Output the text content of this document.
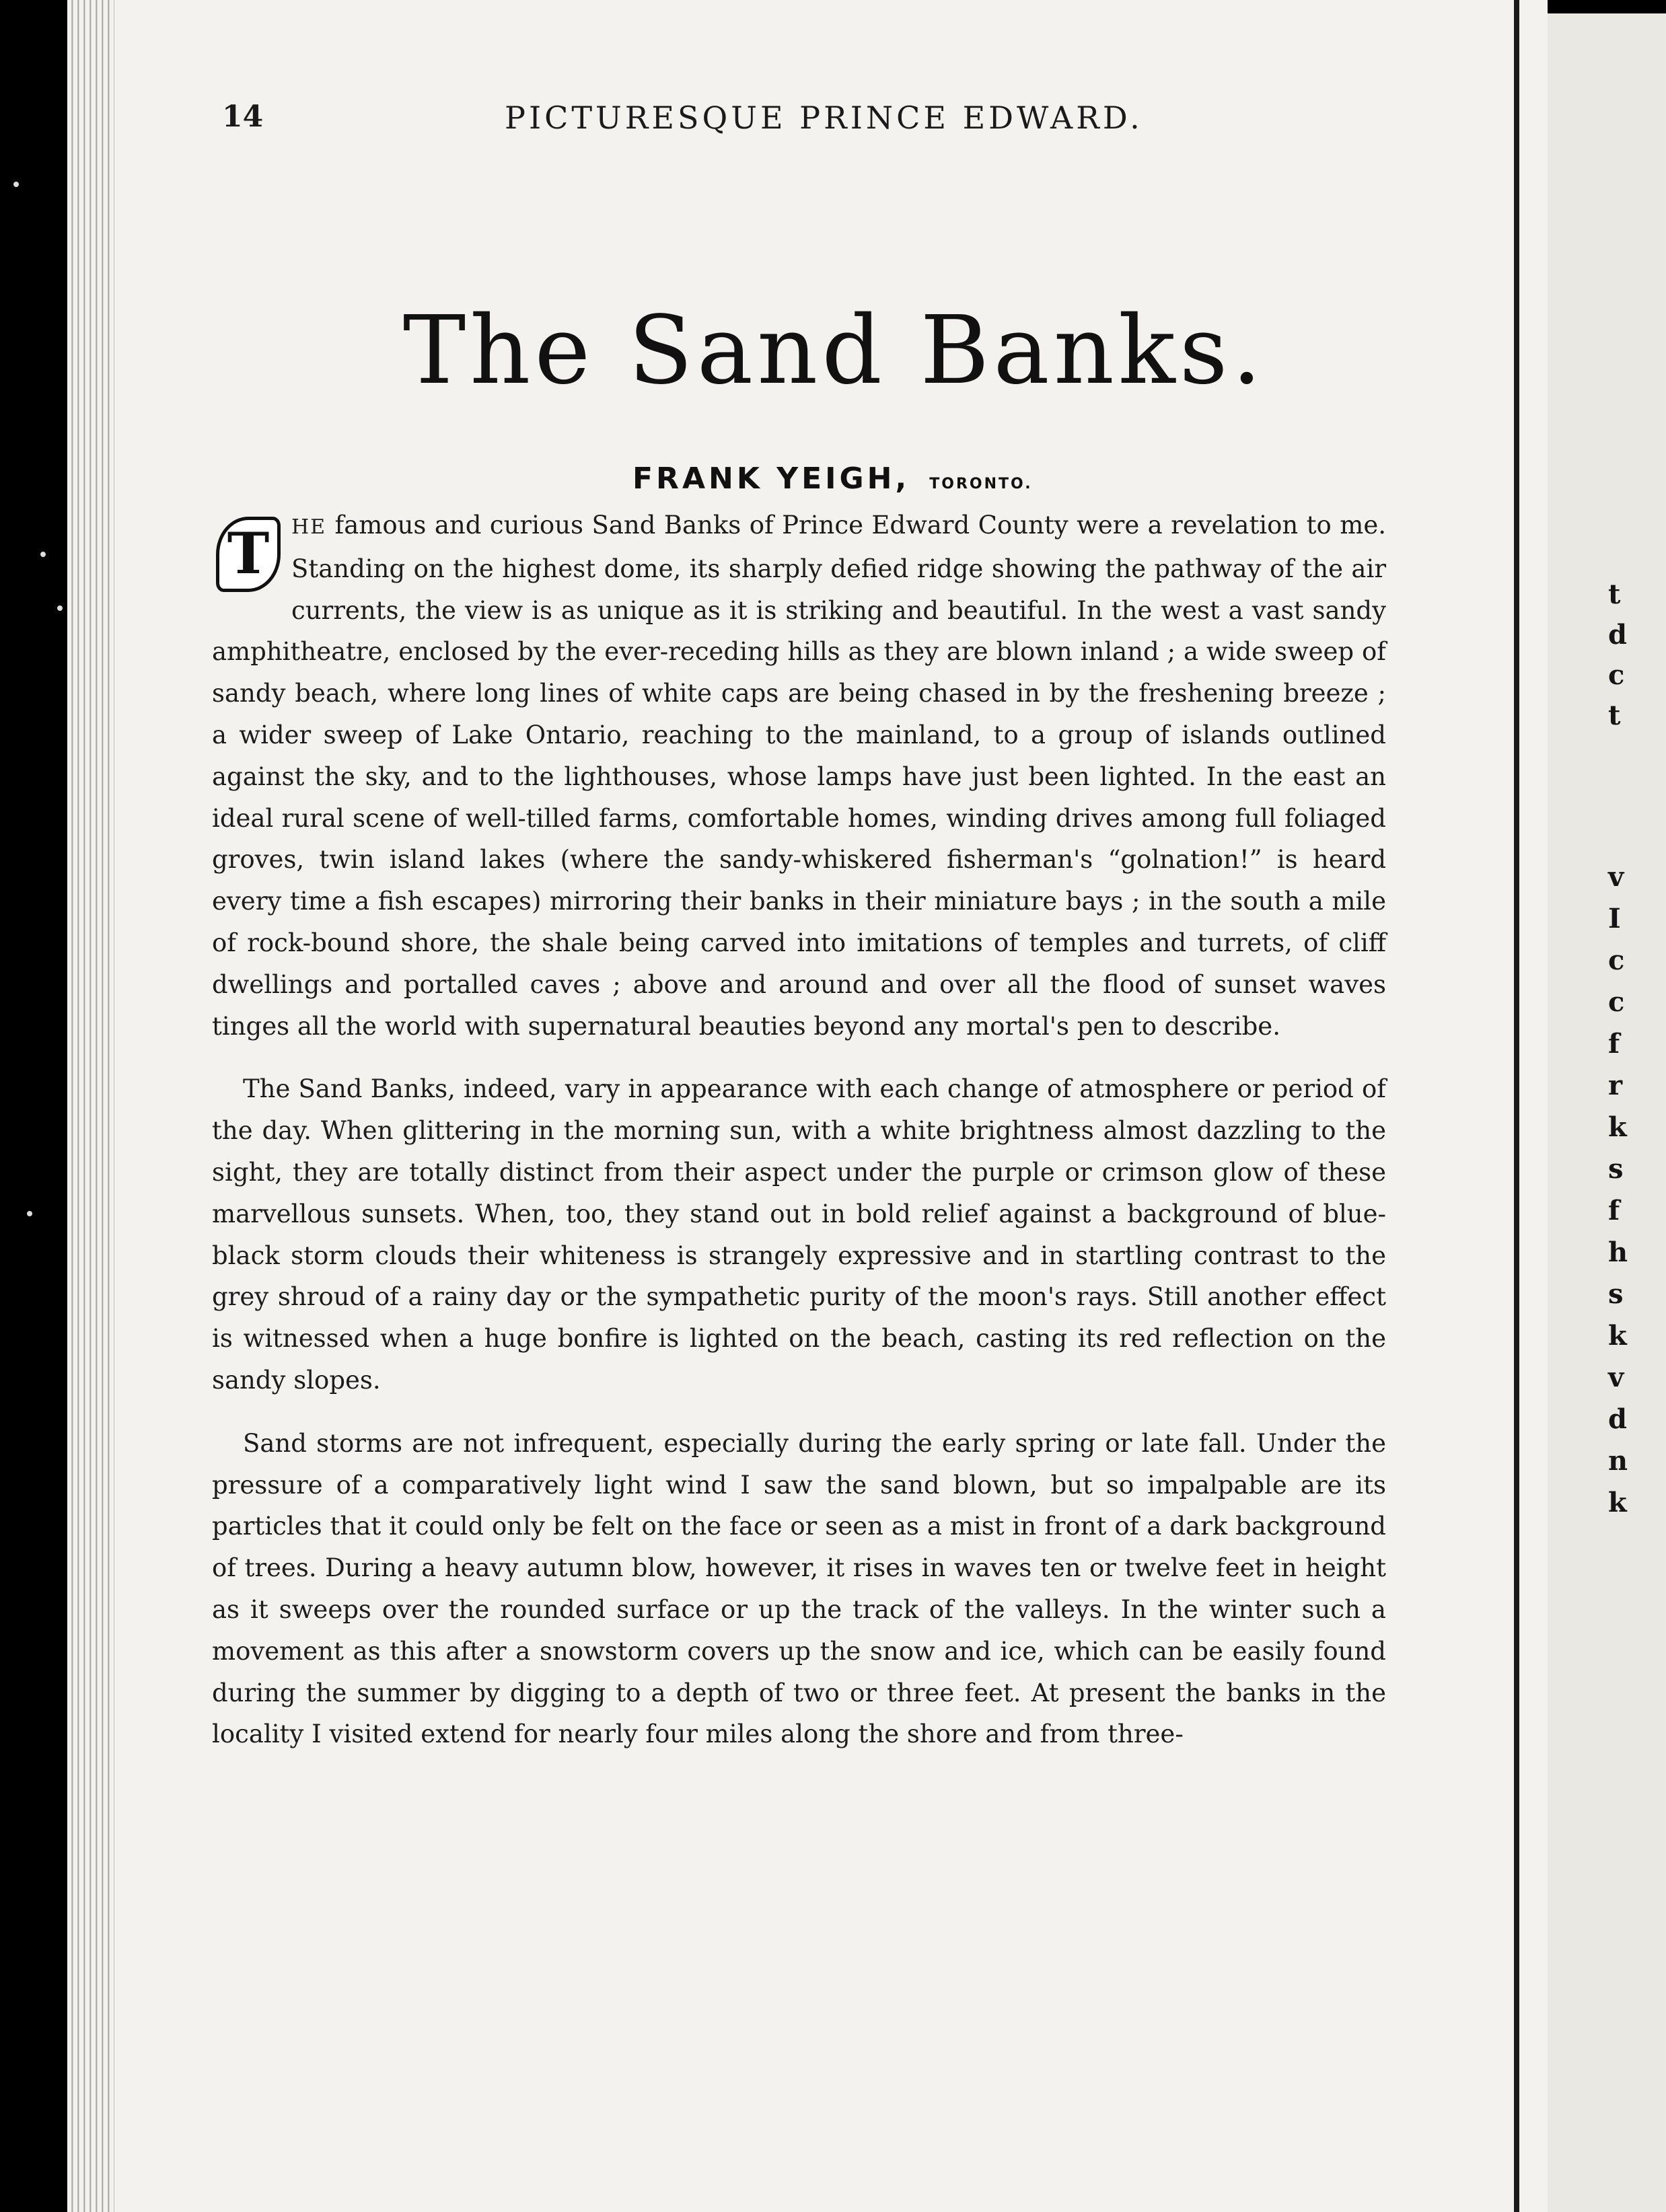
t
d
c
t
v
I
c
c
f
r
k
s
f
h
s
k
v
d
n
k
14	PICTURESQUE PRINCE EDWARD.
The Sand Banks.
FRANK YEIGH, TORONTO.

T	HE famous and curious Sand Banks of Prince Edward County were a revelation to me. Standing on the highest dome, its sharply defied ridge showing the pathway of the air currents, the view is as unique as it is striking and beautiful. In the west a vast sandy amphitheatre, enclosed by the ever-receding hills as they are blown inland ; a wide sweep of sandy beach, where long lines of white caps are being chased in by the freshening breeze ; a wider sweep of Lake Ontario, reaching to the mainland, to a group of islands outlined against the sky, and to the lighthouses, whose lamps have just been lighted. In the east an ideal rural scene of well-tilled farms, comfortable homes, winding drives among full foliaged groves, twin island lakes (where the sandy-whiskered fisherman's “golnation!” is heard every time a fish escapes) mirroring their banks in their miniature bays ; in the south a mile of rock-bound shore, the shale being carved into imitations of temples and turrets, of cliff dwellings and portalled caves ; above and around and over all the flood of sunset waves tinges all the world with supernatural beauties beyond any mortal's pen to describe.

The Sand Banks, indeed, vary in appearance with each change of atmosphere or period of the day. When glittering in the morning sun, with a white brightness almost dazzling to the sight, they are totally distinct from their aspect under the purple or crimson glow of these marvellous sunsets. When, too, they stand out in bold relief against a background of blue-black storm clouds their whiteness is strangely expressive and in startling contrast to the grey shroud of a rainy day or the sympathetic purity of the moon's rays. Still another effect is witnessed when a huge bonfire is lighted on the beach, casting its red reflection on the sandy slopes.

Sand storms are not infrequent, especially during the early spring or late fall. Under the pressure of a comparatively light wind I saw the sand blown, but so impalpable are its particles that it could only be felt on the face or seen as a mist in front of a dark background of trees. During a heavy autumn blow, however, it rises in waves ten or twelve feet in height as it sweeps over the rounded surface or up the track of the valleys. In the winter such a movement as this after a snowstorm covers up the snow and ice, which can be easily found during the summer by digging to a depth of two or three feet. At present the banks in the locality I visited extend for nearly four miles along the shore and from three-
